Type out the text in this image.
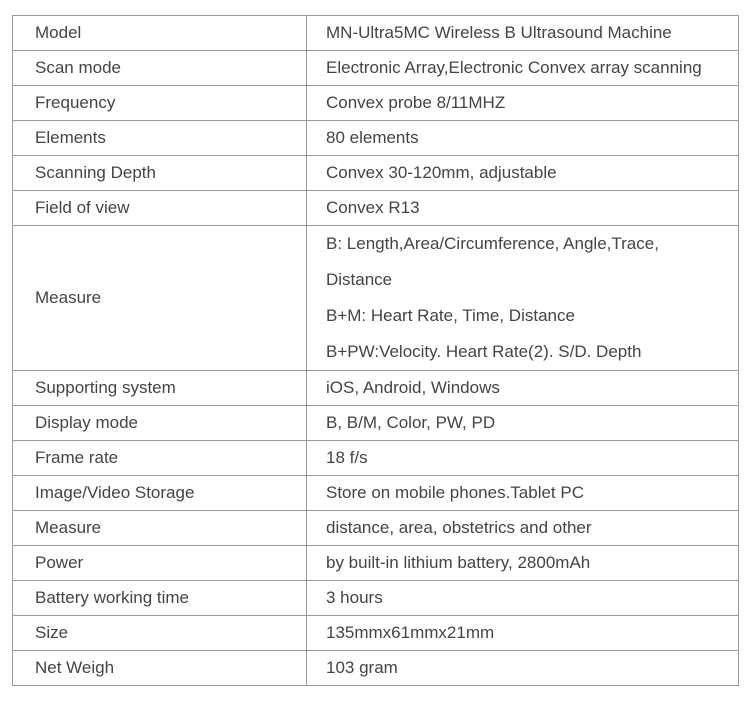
Model	MN-Ultra5MC Wireless B Ultrasound Machine
Scan mode	Electronic Array,Electronic Convex array scanning
Frequency	Convex probe 8/11MHZ
Elements	80 elements
Scanning Depth	Convex 30-120mm, adjustable
Field of view	Convex R13
Measure	B: Length,Area/Circumference, Angle,Trace,
Distance
B+M: Heart Rate, Time, Distance
B+PW:Velocity. Heart Rate(2). S/D. Depth

Supporting system	iOS, Android, Windows
Display mode	B, B/M, Color, PW, PD
Frame rate	18 f/s
Image/Video Storage	Store on mobile phones.Tablet PC
Measure	distance, area, obstetrics and other
Power	by built-in lithium battery, 2800mAh
Battery working time	3 hours
Size	135mmx61mmx21mm
Net Weigh	103 gram
